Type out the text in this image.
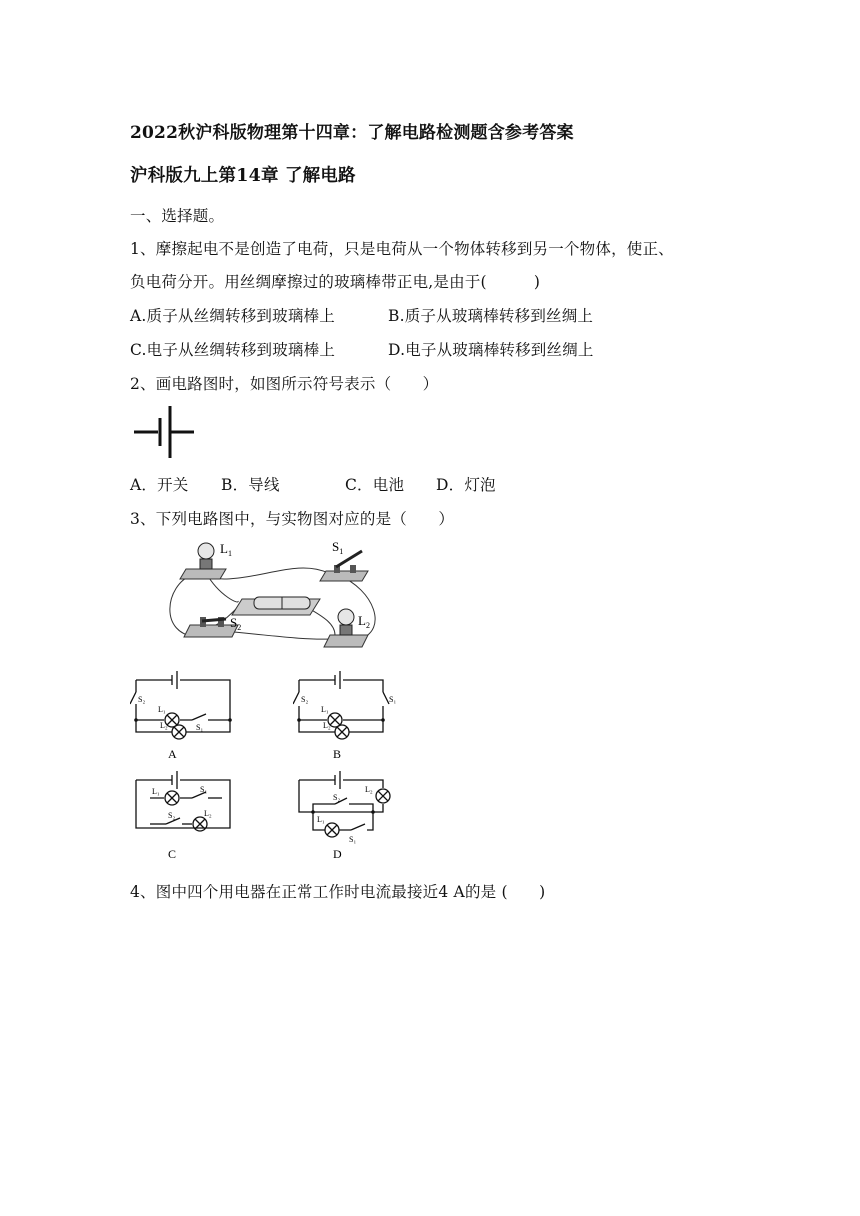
2022秋沪科版物理第十四章：了解电路检测题含参考答案
沪科版九上第14章 了解电路
一、选择题。
1、摩擦起电不是创造了电荷，只是电荷从一个物体转移到另一个物体，使正、
负电荷分开。用丝绸摩擦过的玻璃棒带正电,是由于(　　　)
A.质子从丝绸转移到玻璃棒上	B.质子从玻璃棒转移到丝绸上
C.电子从丝绸转移到玻璃棒上	D.电子从玻璃棒转移到丝绸上
2、画电路图时，如图所示符号表示（　　）
A．开关 B．导线	C．电池 D．灯泡
3、下列电路图中，与实物图对应的是（　　）
$L_1$	$S_1$
$S_2$	$L_2$
S₂
L₁
S₁
L₂
A
S₂
L₁
S₁
L₂
B
L₁	S₁
S₂	L₂
C
L₂
S₂
L₁
S₁
D
4、图中四个用电器在正常工作时电流最接近4 A的是 (　　)
